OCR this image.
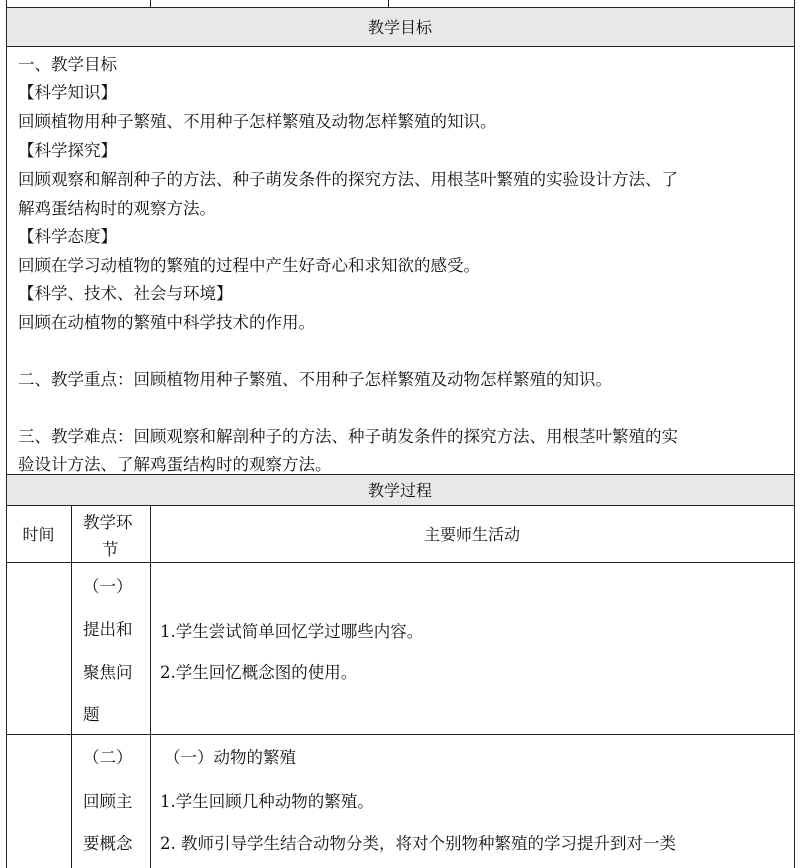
教学目标
一、教学目标
【科学知识】
回顾植物用种子繁殖、不用种子怎样繁殖及动物怎样繁殖的知识。
【科学探究】
回顾观察和解剖种子的方法、种子萌发条件的探究方法、用根茎叶繁殖的实验设计方法、了
解鸡蛋结构时的观察方法。
【科学态度】
回顾在学习动植物的繁殖的过程中产生好奇心和求知欲的感受。
【科学、技术、社会与环境】
回顾在动植物的繁殖中科学技术的作用。
二、教学重点：回顾植物用种子繁殖、不用种子怎样繁殖及动物怎样繁殖的知识。
三、教学难点：回顾观察和解剖种子的方法、种子萌发条件的探究方法、用根茎叶繁殖的实
验设计方法、了解鸡蛋结构时的观察方法。
教学过程
时间
教学环
节
主要师生活动
（一）
提出和
聚焦问
题
1.学生尝试简单回忆学过哪些内容。
2.学生回忆概念图的使用。
（二）
回顾主
要概念
（一）动物的繁殖
1.学生回顾几种动物的繁殖。
2. 教师引导学生结合动物分类，将对个别物种繁殖的学习提升到对一类
